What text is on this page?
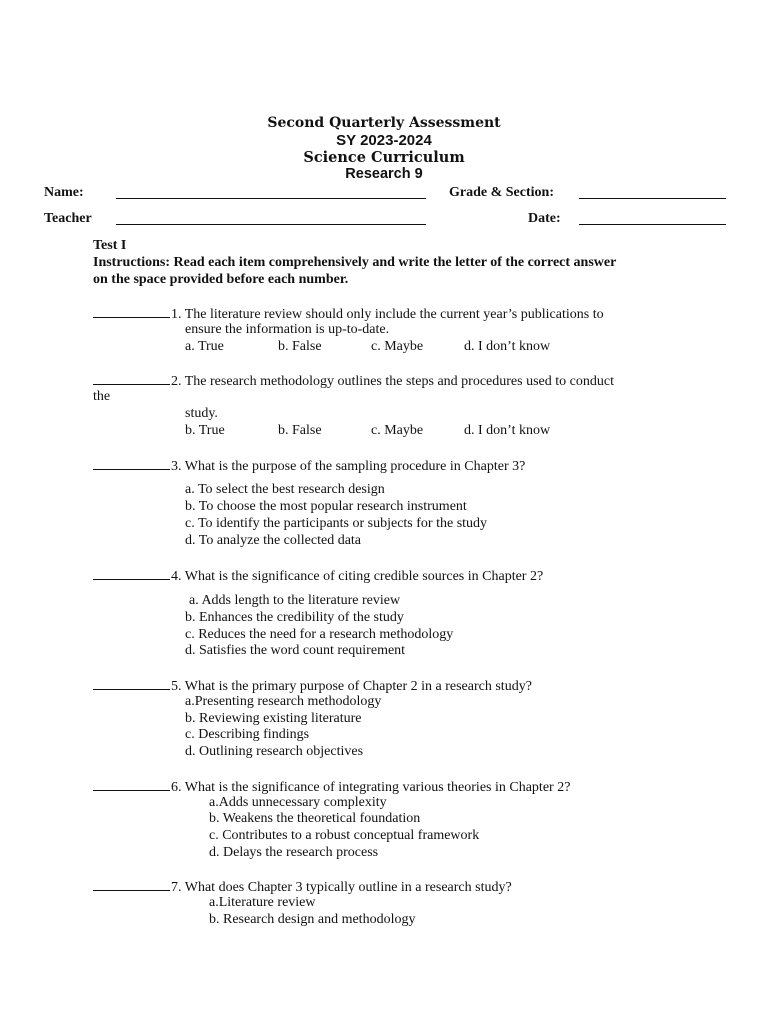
Second Quarterly Assessment
SY 2023-2024
Science Curriculum
Research 9
Name:	Grade & Section:
Teacher	Date:
Test I
Instructions: Read each item comprehensively and write the letter of the correct answer
on the space provided before each number.
1. The literature review should only include the current year’s publications to
ensure the information is up-to-date.
a. True	b. False	c. Maybe	d. I don’t know
2. The research methodology outlines the steps and procedures used to conduct
the
study.
b. True	b. False	c. Maybe	d. I don’t know
3. What is the purpose of the sampling procedure in Chapter 3?
a. To select the best research design
b. To choose the most popular research instrument
c. To identify the participants or subjects for the study
d. To analyze the collected data
4. What is the significance of citing credible sources in Chapter 2?
a. Adds length to the literature review
b. Enhances the credibility of the study
c. Reduces the need for a research methodology
d. Satisfies the word count requirement
5. What is the primary purpose of Chapter 2 in a research study?
a.Presenting research methodology
b. Reviewing existing literature
c. Describing findings
d. Outlining research objectives
6. What is the significance of integrating various theories in Chapter 2?
a.Adds unnecessary complexity
b. Weakens the theoretical foundation
c. Contributes to a robust conceptual framework
d. Delays the research process
7. What does Chapter 3 typically outline in a research study?
a.Literature review
b. Research design and methodology
